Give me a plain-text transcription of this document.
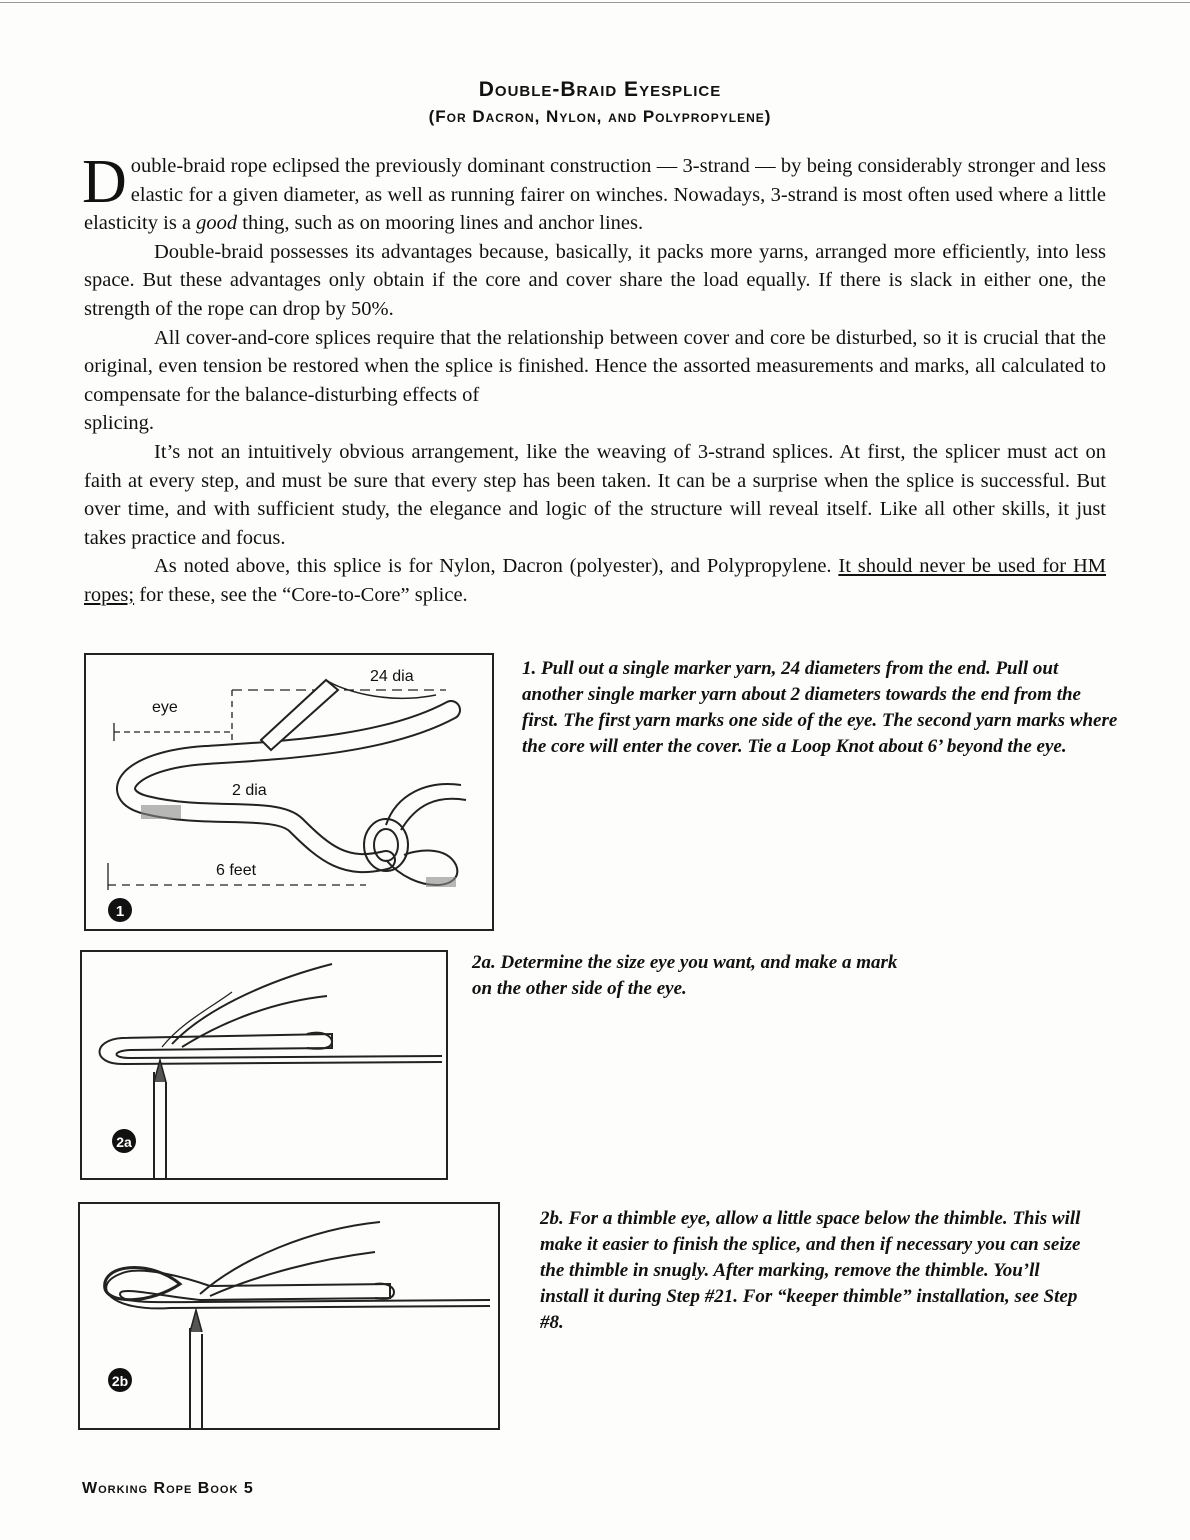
Double-Braid Eyesplice
(For Dacron, Nylon, and Polypropylene)

Double-braid rope eclipsed the previously dominant construction — 3-strand — by being considerably stronger and less elastic for a given diameter, as well as running fairer on winches. Nowadays, 3-strand is most often used where a little elasticity is a good thing, such as on mooring lines and anchor lines.

Double-braid possesses its advantages because, basically, it packs more yarns, arranged more efficiently, into less space. But these advantages only obtain if the core and cover share the load equally. If there is slack in either one, the strength of the rope can drop by 50%.

All cover-and-core splices require that the relationship between cover and core be disturbed, so it is crucial that the original, even tension be restored when the splice is finished. Hence the assorted measurements and marks, all calculated to compensate for the balance-disturbing effects of
splicing.

It’s not an intuitively obvious arrangement, like the weaving of 3-strand splices. At first, the splicer must act on faith at every step, and must be sure that every step has been taken. It can be a surprise when the splice is successful. But over time, and with sufficient study, the elegance and logic of the structure will reveal itself. Like all other skills, it just takes practice and focus.

As noted above, this splice is for Nylon, Dacron (polyester), and Polypropylene. It should never be used for HM ropes; for these, see the “Core-to-Core” splice.

eye
24 dia
2 dia
6 feet
1
1. Pull out a single marker yarn, 24 diameters from the end. Pull out another single marker yarn about 2 diameters towards the end from the first. The first yarn marks one side of the eye. The second yarn marks where the core will enter the cover. Tie a Loop Knot about 6’ beyond the eye.
2a
2a. Determine the size eye you want, and make a mark on the other side of the eye.
2b
2b. For a thimble eye, allow a little space below the thimble. This will make it easier to finish the splice, and then if necessary you can seize the thimble in snugly. After marking, remove the thimble. You’ll install it during Step #21. For “keeper thimble” installation, see Step #8.
Working Rope Book 5
